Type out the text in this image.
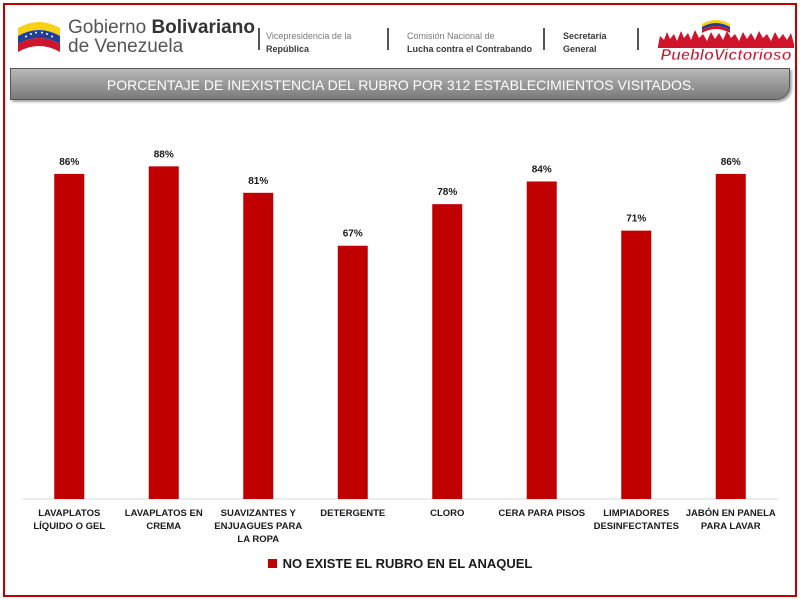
Gobierno Bolivariano
de Venezuela	Vicepresidencia de la
República
Comisión Nacional de
Lucha contra el Contrabando
Secretaría
General	PuebloVictorioso
PORCENTAJE DE INEXISTENCIA DEL RUBRO POR 312 ESTABLECIMIENTOS VISITADOS.
86%
LAVAPLATOS LÍQUIDO O GEL
88%
LAVAPLATOS EN CREMA
81%
SUAVIZANTES Y ENJUAGUES PARA LA ROPA
67%
DETERGENTE
78%
CLORO
84%
CERA PARA PISOS
71%
LIMPIADORES DESINFECTANTES
86%
JABÓN EN PANELA PARA LAVAR
NO EXISTE EL RUBRO EN EL ANAQUEL
